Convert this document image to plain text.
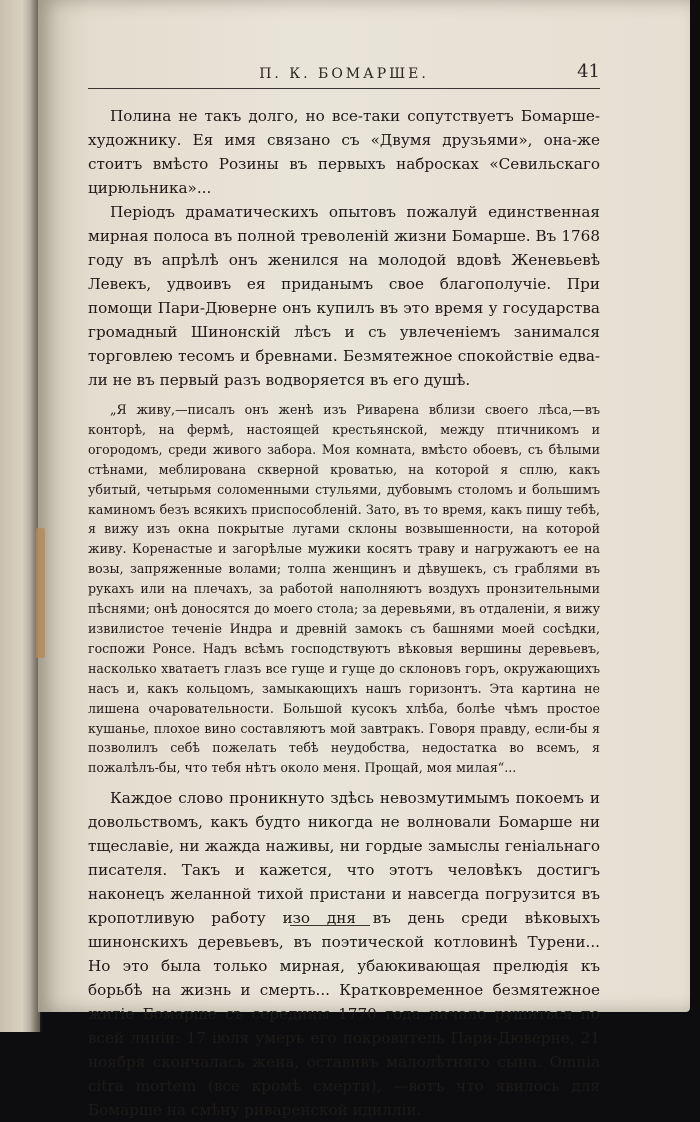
П. К. БОМАРШЕ.	41

Полина не такъ долго, но все-таки сопутствуетъ Бомарше-художнику. Ея имя связано съ «Двумя друзьями», она-же стоитъ вмѣсто Розины въ первыхъ набросках «Севильскаго цирюльника»...

Періодъ драматическихъ опытовъ пожалуй единственная мирная полоса въ полной треволеній жизни Бомарше. Въ 1768 году въ апрѣлѣ онъ женился на молодой вдовѣ Женевьевѣ Левекъ, удвоивъ ея приданымъ свое благополучіе. При помощи Пари-Дюверне онъ купилъ въ это время у государства громадный Шинонскій лѣсъ и съ увлеченіемъ занимался торговлею тесомъ и бревнами. Безмятежное спокойствіе едва-ли не въ первый разъ водворяется въ его душѣ.

„Я живу,—писалъ онъ женѣ изъ Риварена вблизи своего лѣса,—въ конторѣ, на фермѣ, настоящей крестьянской, между птичникомъ и огородомъ, среди живого забора. Моя комната, вмѣсто обоевъ, съ бѣлыми стѣнами, меблирована скверной кроватью, на которой я сплю, какъ убитый, четырьмя соломенными стульями, дубовымъ столомъ и большимъ каминомъ безъ всякихъ приспособленій. Зато, въ то время, какъ пишу тебѣ, я вижу изъ окна покрытые лугами склоны возвышенности, на которой живу. Коренастые и загорѣлые мужики косятъ траву и нагружаютъ ее на возы, запряженные волами; толпа женщинъ и дѣвушекъ, съ граблями въ рукахъ или на плечахъ, за работой наполняютъ воздухъ пронзительными пѣснями; онѣ доносятся до моего стола; за деревьями, въ отдаленіи, я вижу извилистое теченіе Индра и древній замокъ съ башнями моей сосѣдки, госпожи Ронсе. Надъ всѣмъ господствуютъ вѣковыя вершины деревьевъ, насколько хватаетъ глазъ все гуще и гуще до склоновъ горъ, окружающихъ насъ и, какъ кольцомъ, замыкающихъ нашъ горизонтъ. Эта картина не лишена очаровательности. Большой кусокъ хлѣба, болѣе чѣмъ простое кушанье, плохое вино составляютъ мой завтракъ. Говоря правду, если-бы я позволилъ себѣ пожелать тебѣ неудобства, недостатка во всемъ, я пожалѣлъ-бы, что тебя нѣтъ около меня. Прощай, моя милая“...

Каждое слово проникнуто здѣсь невозмутимымъ покоемъ и довольствомъ, какъ будто никогда не волновали Бомарше ни тщеславіе, ни жажда наживы, ни гордые замыслы геніальнаго писателя. Такъ и кажется, что этотъ человѣкъ достигъ наконецъ желанной тихой пристани и навсегда погрузится въ кропотливую работу изо дня въ день среди вѣковыхъ шинонскихъ деревьевъ, въ поэтической котловинѣ Турени... Но это была только мирная, убаюкивающая прелюдія къ борьбѣ на жизнь и смерть... Кратковременное безмятежное житіе Бомарше съ середины 1770 года начало рушиться по всей линіи: 17 іюля умеръ его покровитель Пари-Дюверне, 21 ноября скончалась жена, оставивъ малолѣтняго сына. Omnia citra mortem (все кромѣ смерти), —вотъ что явилось для Бомарше на смѣну риваренской идилліи.
